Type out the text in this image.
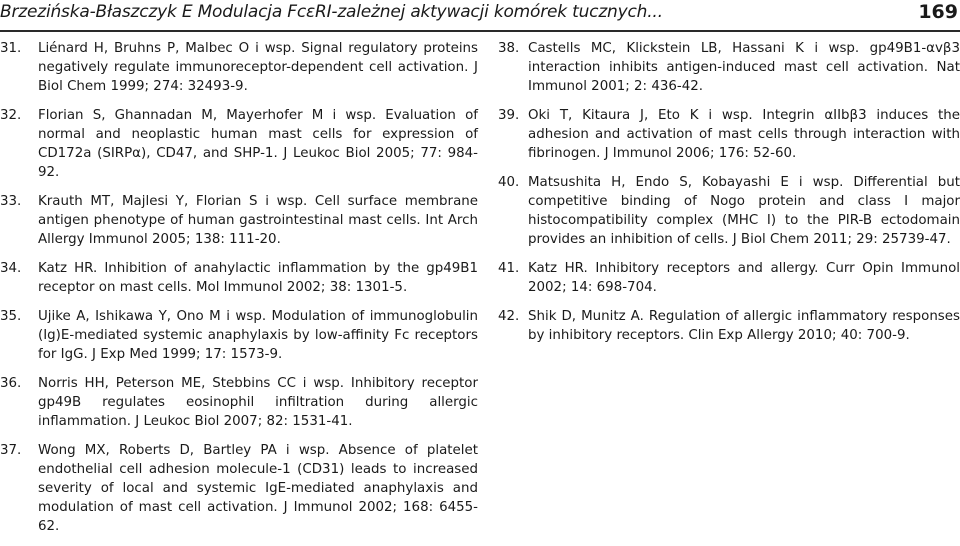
Brzezińska-Błaszczyk E Modulacja FcεRI-zależnej aktywacji komórek tucznych...	169
31. Liénard H, Bruhns P, Malbec O i wsp. Signal regulatory proteins negatively regulate immunoreceptor-dependent cell activation. J Biol Chem 1999; 274: 32493-9.
32. Florian S, Ghannadan M, Mayerhofer M i wsp. Evaluation of normal and neoplastic human mast cells for expression of CD172a (SIRPα), CD47, and SHP-1. J Leukoc Biol 2005; 77: 984-92.
33. Krauth MT, Majlesi Y, Florian S i wsp. Cell surface membrane antigen phenotype of human gastrointestinal mast cells. Int Arch Allergy Immunol 2005; 138: 111-20.
34. Katz HR. Inhibition of anahylactic inflammation by the gp49B1 receptor on mast cells. Mol Immunol 2002; 38: 1301-5.
35. Ujike A, Ishikawa Y, Ono M i wsp. Modulation of immunoglobulin (Ig)E-mediated systemic anaphylaxis by low-affinity Fc receptors for IgG. J Exp Med 1999; 17: 1573-9.
36. Norris HH, Peterson ME, Stebbins CC i wsp. Inhibitory receptor gp49B regulates eosinophil infiltration during allergic inflammation. J Leukoc Biol 2007; 82: 1531-41.
37. Wong MX, Roberts D, Bartley PA i wsp. Absence of platelet endothelial cell adhesion molecule-1 (CD31) leads to increased severity of local and systemic IgE-mediated anaphylaxis and modulation of mast cell activation. J Immunol 2002; 168: 6455-62.
38. Castells MC, Klickstein LB, Hassani K i wsp. gp49B1-αvβ3 interaction inhibits antigen-induced mast cell activation. Nat Immunol 2001; 2: 436-42.
39. Oki T, Kitaura J, Eto K i wsp. Integrin αIIbβ3 induces the adhesion and activation of mast cells through interaction with fibrinogen. J Immunol 2006; 176: 52-60.
40. Matsushita H, Endo S, Kobayashi E i wsp. Differential but competitive binding of Nogo protein and class I major histocompatibility complex (MHC I) to the PIR-B ectodomain provides an inhibition of cells. J Biol Chem 2011; 29: 25739-47.
41. Katz HR. Inhibitory receptors and allergy. Curr Opin Immunol 2002; 14: 698-704.
42. Shik D, Munitz A. Regulation of allergic inflammatory responses by inhibitory receptors. Clin Exp Allergy 2010; 40: 700-9.
